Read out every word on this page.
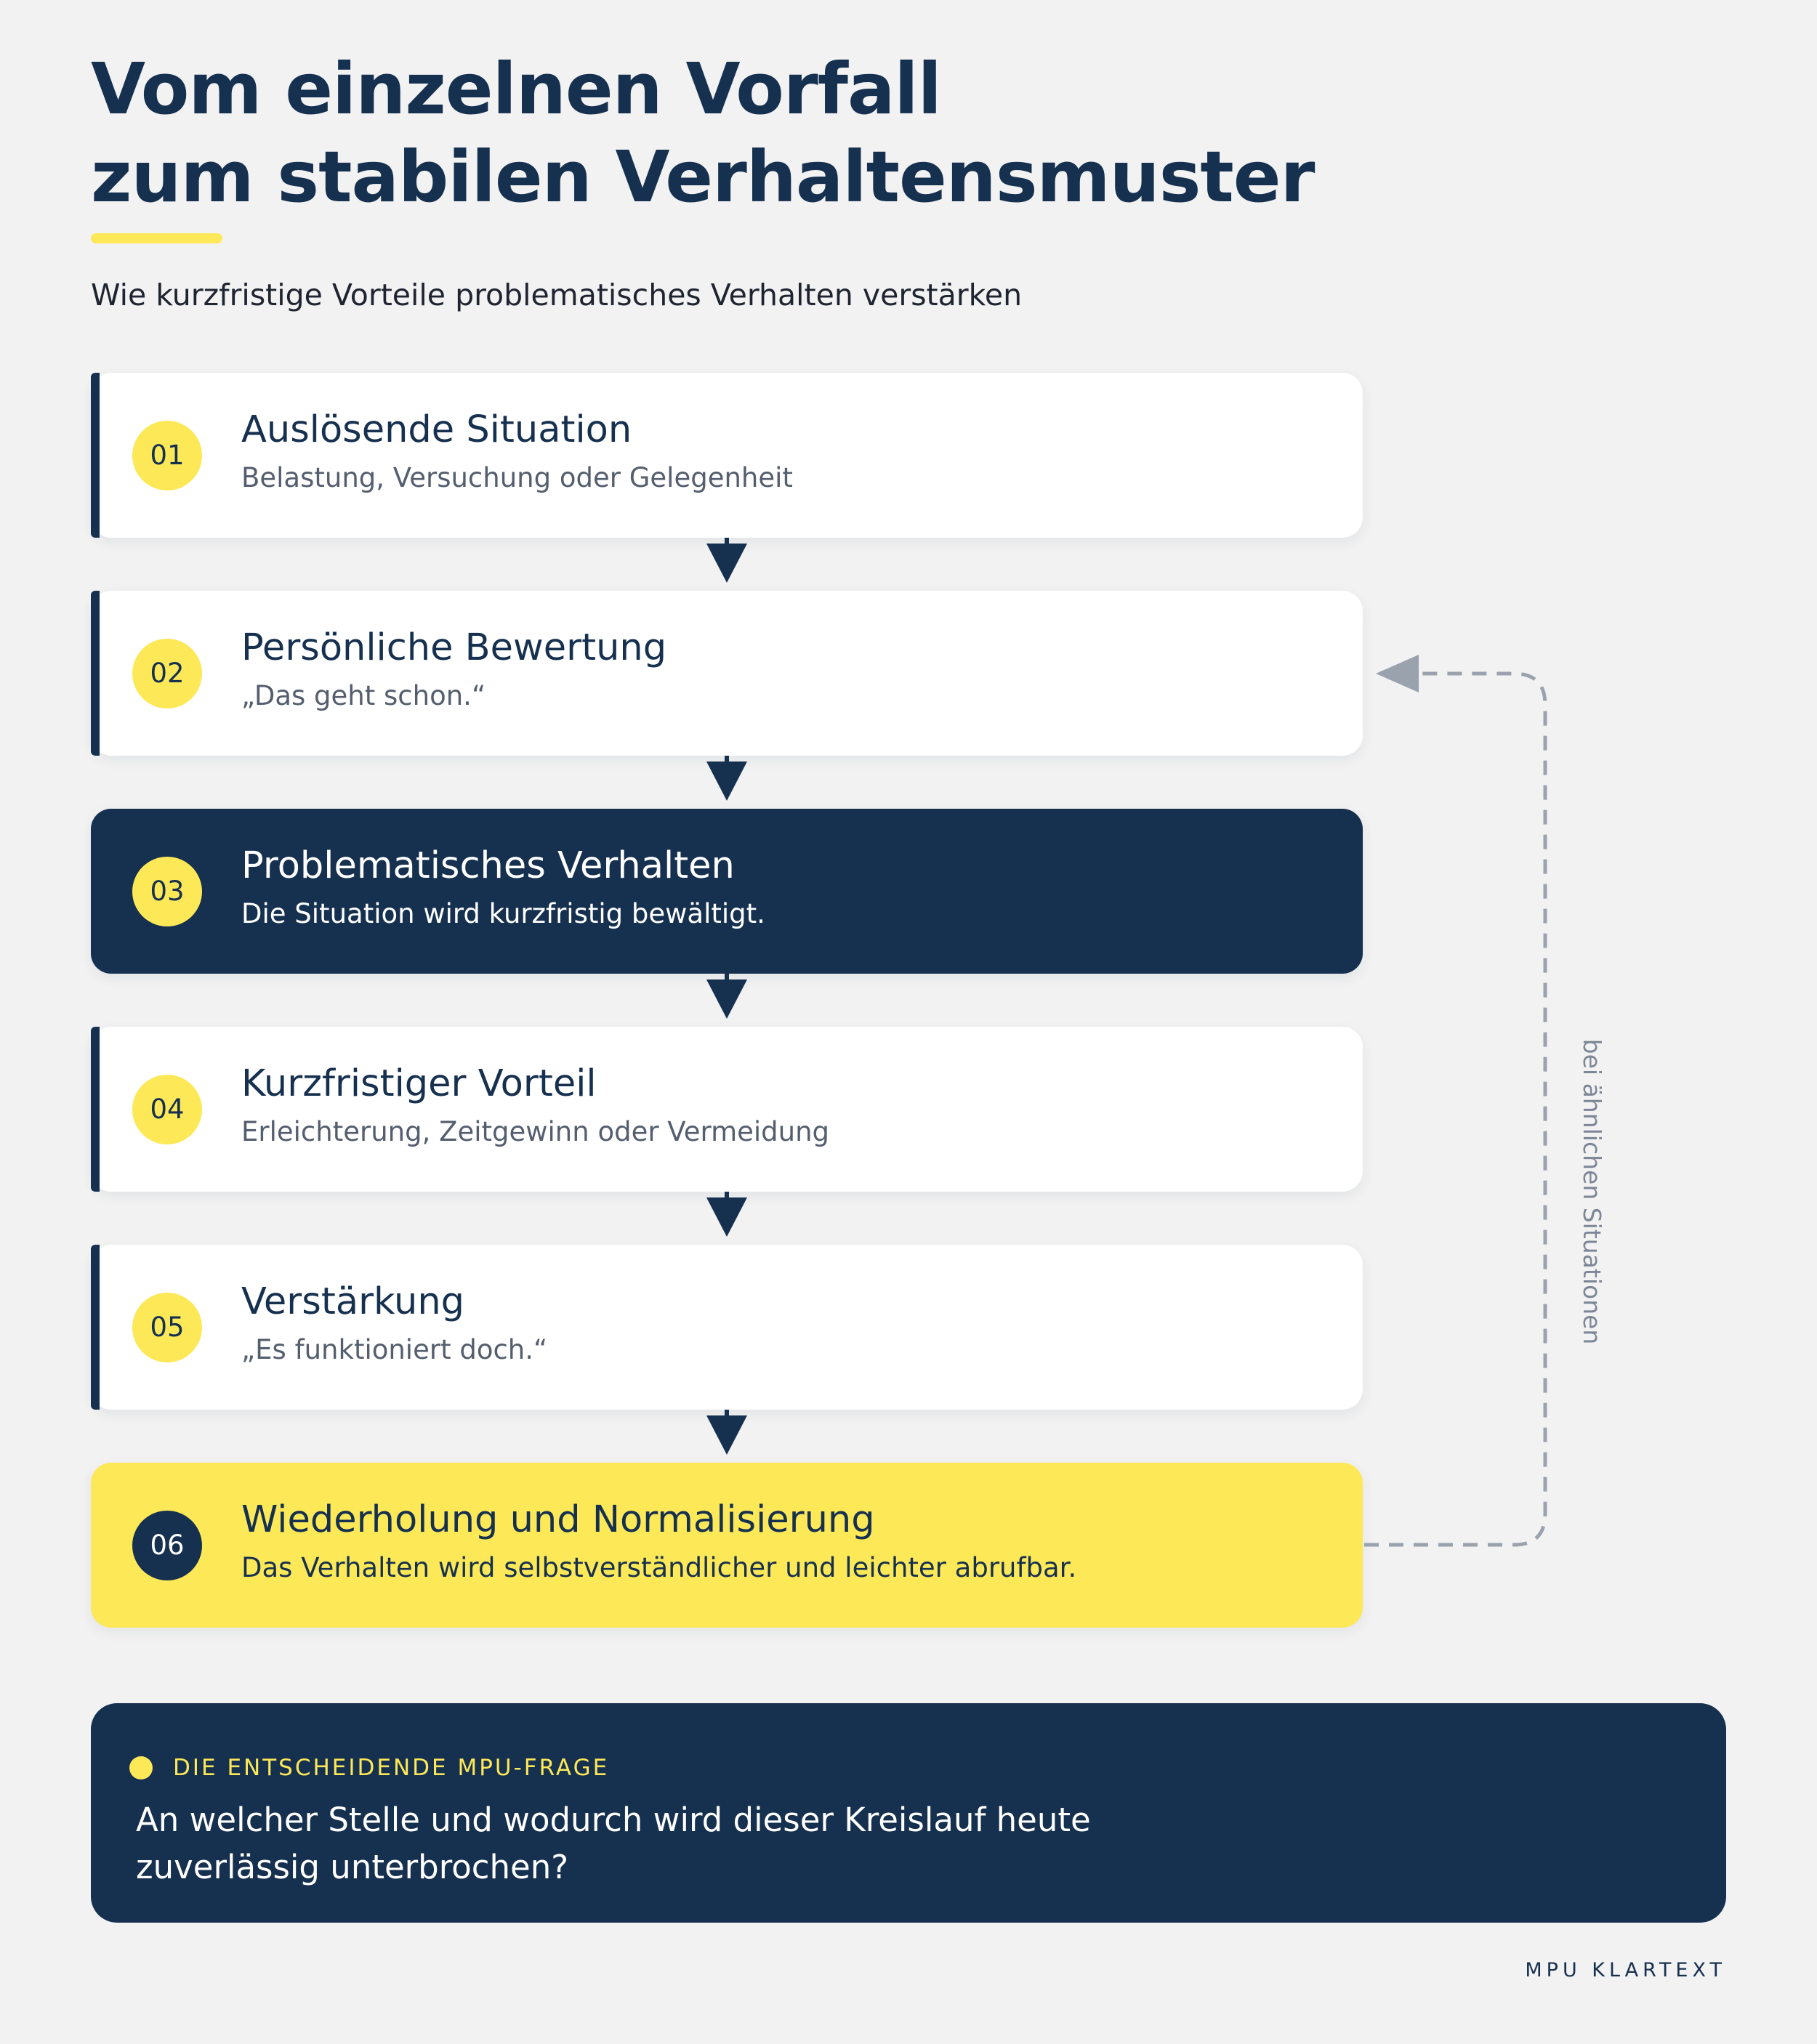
Vom einzelnen Vorfall
zum stabilen Verhaltensmuster
Wie kurzfristige Vorteile problematisches Verhalten verstärken
01
Auslösende Situation
Belastung, Versuchung oder Gelegenheit
02
Persönliche Bewertung
„Das geht schon.“
03
Problematisches Verhalten
Die Situation wird kurzfristig bewältigt.
04
Kurzfristiger Vorteil
Erleichterung, Zeitgewinn oder Vermeidung
05
Verstärkung
„Es funktioniert doch.“
06
Wiederholung und Normalisierung
Das Verhalten wird selbstverständlicher und leichter abrufbar.
bei ähnlichen Situationen
DIE ENTSCHEIDENDE MPU-FRAGE
An welcher Stelle und wodurch wird dieser Kreislauf heute zuverlässig unterbrochen?
MPU KLARTEXT
